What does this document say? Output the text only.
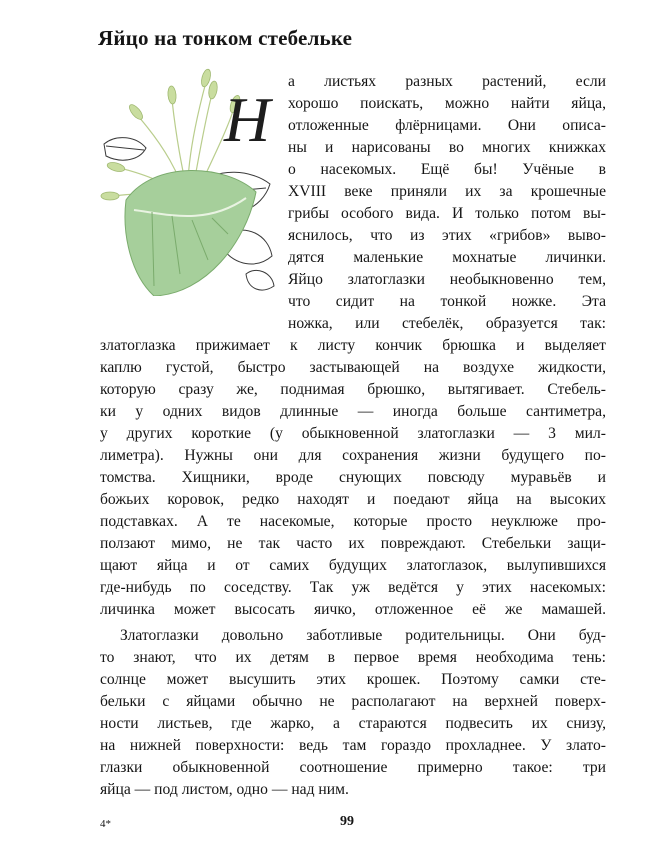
Яйцо на тонком стебельке
Н
а листьях разных растений, если
хорошо поискать, можно найти яйца,
отложенные флёрницами. Они описа-
ны и нарисованы во многих книжках
о насекомых. Ещё бы! Учёные в
XVIII веке приняли их за крошечные
грибы особого вида. И только потом вы-
яснилось, что из этих «грибов» выво-
дятся маленькие мохнатые личинки.
Яйцо златоглазки необыкновенно тем,
что сидит на тонкой ножке. Эта
ножка, или стебелёк, образуется так:
златоглазка прижимает к листу кончик брюшка и выделяет
каплю густой, быстро застывающей на воздухе жидкости,
которую сразу же, поднимая брюшко, вытягивает. Стебель-
ки у одних видов длинные — иногда больше сантиметра,
у других короткие (у обыкновенной златоглазки — 3 мил-
лиметра). Нужны они для сохранения жизни будущего по-
томства. Хищники, вроде снующих повсюду муравьёв и
божьих коровок, редко находят и поедают яйца на высоких
подставках. А те насекомые, которые просто неуклюже про-
ползают мимо, не так часто их повреждают. Стебельки защи-
щают яйца и от самих будущих златоглазок, вылупившихся
где-нибудь по соседству. Так уж ведётся у этих насекомых:
личинка может высосать яичко, отложенное её же мамашей.
Златоглазки довольно заботливые родительницы. Они буд-
то знают, что их детям в первое время необходима тень:
солнце может высушить этих крошек. Поэтому самки сте-
бельки с яйцами обычно не располагают на верхней поверх-
ности листьев, где жарко, а стараются подвесить их снизу,
на нижней поверхности: ведь там гораздо прохладнее. У злато-
глазки обыкновенной соотношение примерно такое: три
яйца — под листом, одно — над ним.
4*	99
